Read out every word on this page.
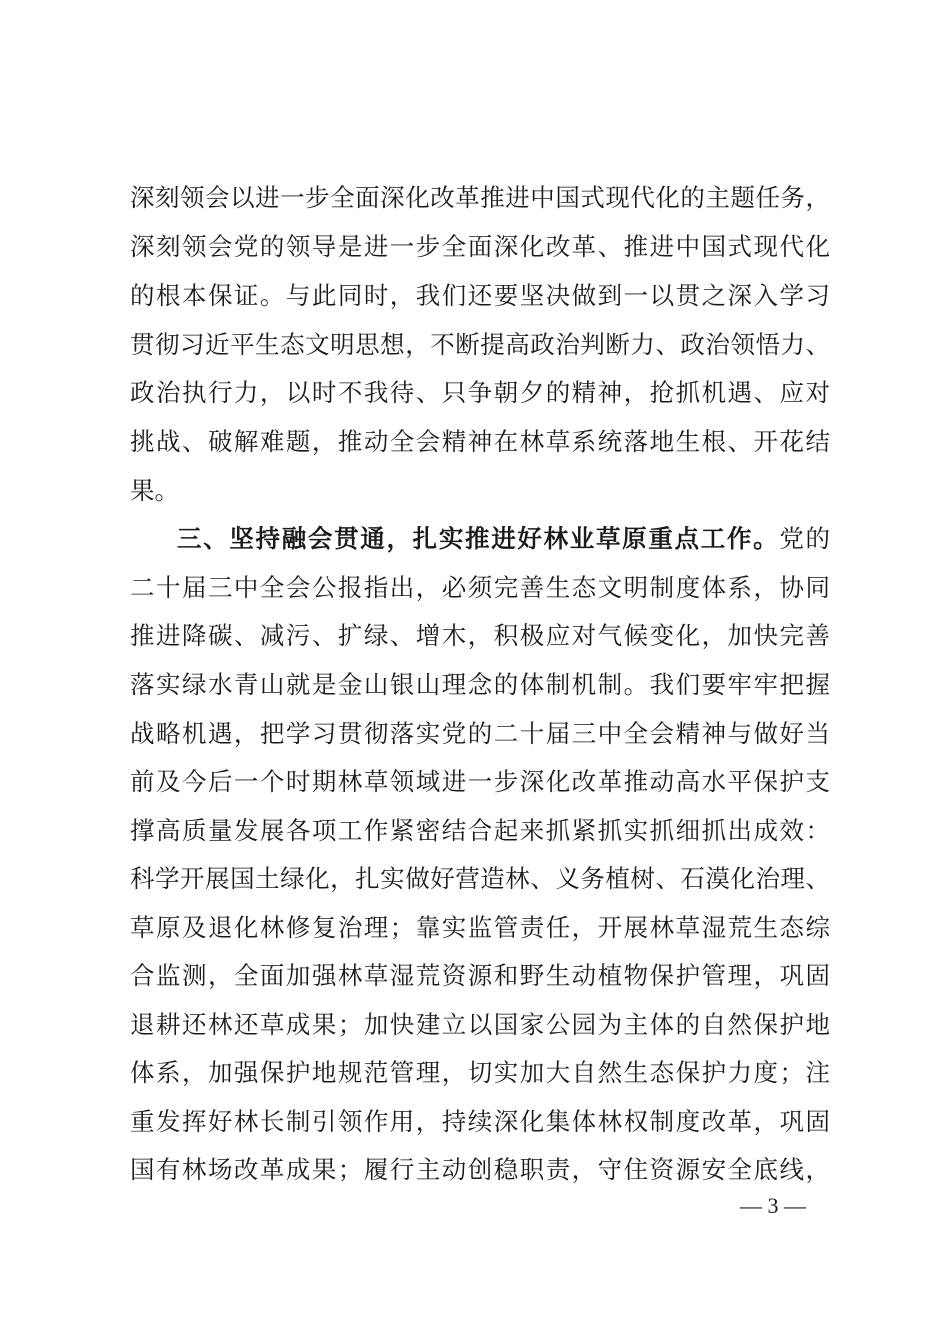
深刻领会以进一步全面深化改革推进中国式现代化的主题任务，
深刻领会党的领导是进一步全面深化改革、推进中国式现代化
的根本保证。与此同时，我们还要坚决做到一以贯之深入学习
贯彻习近平生态文明思想，不断提高政治判断力、政治领悟力、
政治执行力，以时不我待、只争朝夕的精神，抢抓机遇、应对
挑战、破解难题，推动全会精神在林草系统落地生根、开花结
果。
三、坚持融会贯通，扎实推进好林业草原重点工作。党的
二十届三中全会公报指出，必须完善生态文明制度体系，协同
推进降碳、减污、扩绿、增木，积极应对气候变化，加快完善
落实绿水青山就是金山银山理念的体制机制。我们要牢牢把握
战略机遇，把学习贯彻落实党的二十届三中全会精神与做好当
前及今后一个时期林草领域进一步深化改革推动高水平保护支
撑高质量发展各项工作紧密结合起来抓紧抓实抓细抓出成效：
科学开展国土绿化，扎实做好营造林、义务植树、石漠化治理、
草原及退化林修复治理；靠实监管责任，开展林草湿荒生态综
合监测，全面加强林草湿荒资源和野生动植物保护管理，巩固
退耕还林还草成果；加快建立以国家公园为主体的自然保护地
体系，加强保护地规范管理，切实加大自然生态保护力度；注
重发挥好林长制引领作用，持续深化集体林权制度改革，巩固
国有林场改革成果；履行主动创稳职责，守住资源安全底线，
— 3 —
